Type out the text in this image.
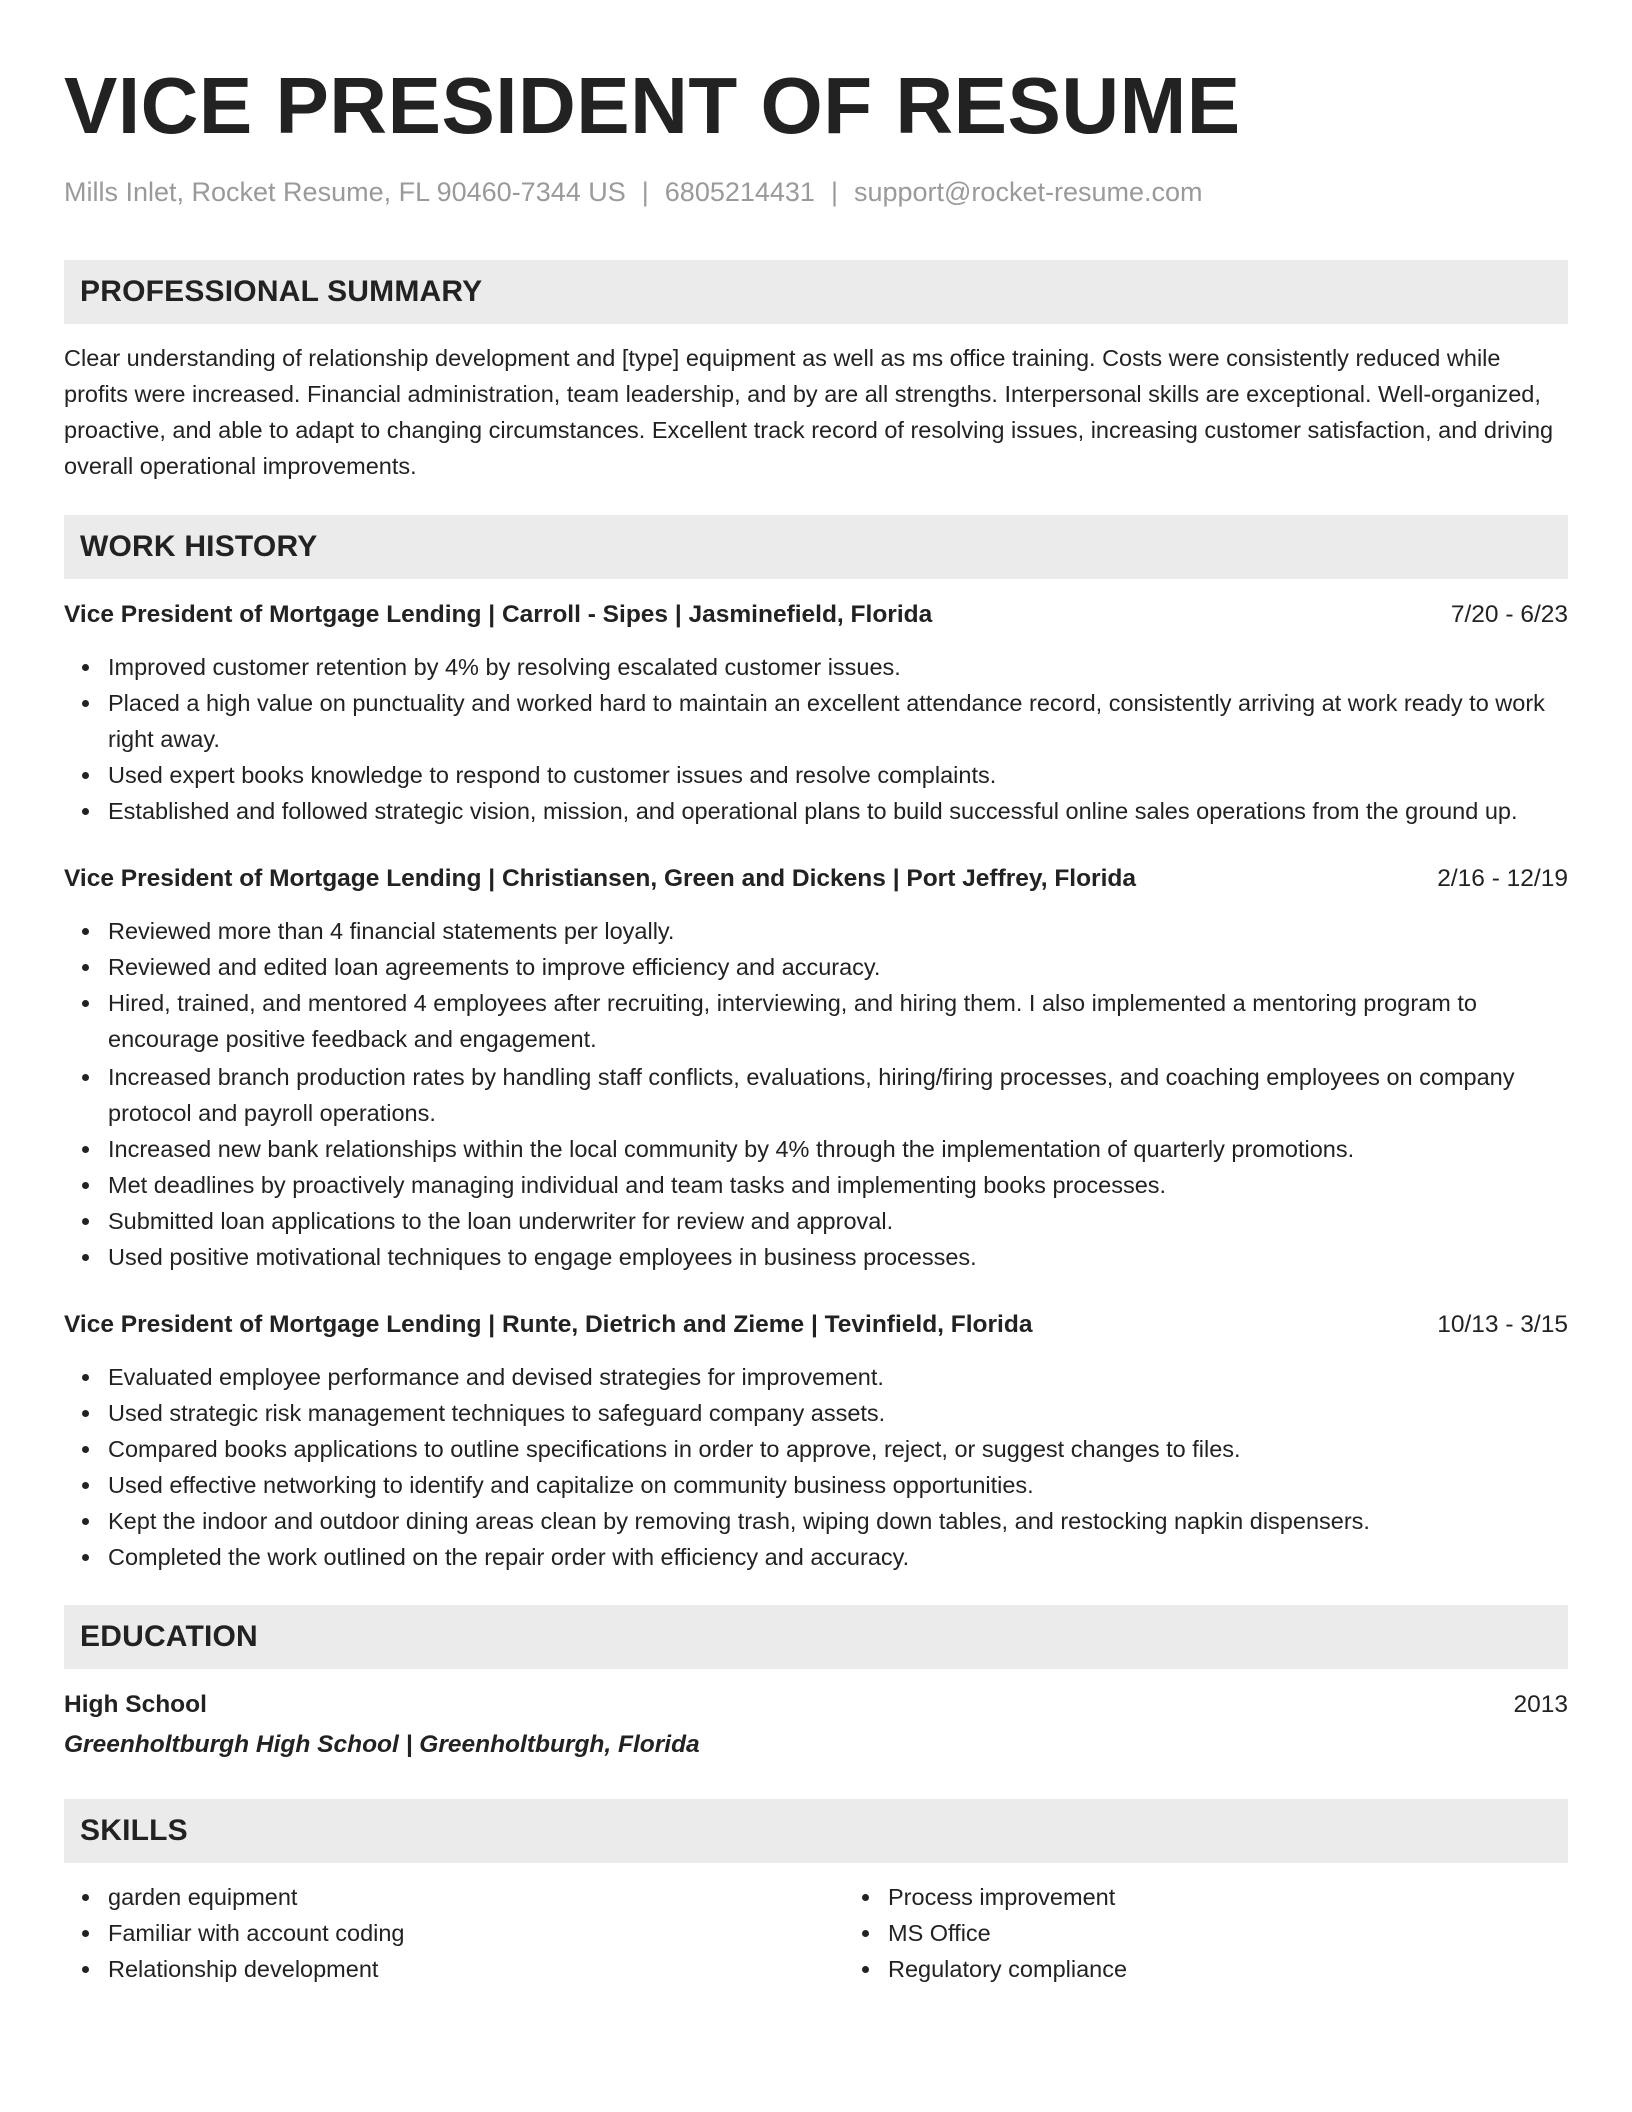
VICE PRESIDENT OF RESUME
Mills Inlet, Rocket Resume, FL 90460-7344 US | 6805214431 | support@rocket-resume.com
PROFESSIONAL SUMMARY
Clear understanding of relationship development and [type] equipment as well as ms office training. Costs were consistently reduced while profits were increased. Financial administration, team leadership, and by are all strengths. Interpersonal skills are exceptional. Well-organized, proactive, and able to adapt to changing circumstances. Excellent track record of resolving issues, increasing customer satisfaction, and driving overall operational improvements.
WORK HISTORY
Vice President of Mortgage Lending | Carroll - Sipes | Jasminefield, Florida	7/20 - 6/23
Improved customer retention by 4% by resolving escalated customer issues.
Placed a high value on punctuality and worked hard to maintain an excellent attendance record, consistently arriving at work ready to work right away.
Used expert books knowledge to respond to customer issues and resolve complaints.
Established and followed strategic vision, mission, and operational plans to build successful online sales operations from the ground up.
Vice President of Mortgage Lending | Christiansen, Green and Dickens | Port Jeffrey, Florida	2/16 - 12/19
Reviewed more than 4 financial statements per loyally.
Reviewed and edited loan agreements to improve efficiency and accuracy.
Hired, trained, and mentored 4 employees after recruiting, interviewing, and hiring them. I also implemented a mentoring program to encourage positive feedback and engagement.
Increased branch production rates by handling staff conflicts, evaluations, hiring/firing processes, and coaching employees on company protocol and payroll operations.
Increased new bank relationships within the local community by 4% through the implementation of quarterly promotions.
Met deadlines by proactively managing individual and team tasks and implementing books processes.
Submitted loan applications to the loan underwriter for review and approval.
Used positive motivational techniques to engage employees in business processes.
Vice President of Mortgage Lending | Runte, Dietrich and Zieme | Tevinfield, Florida	10/13 - 3/15
Evaluated employee performance and devised strategies for improvement.
Used strategic risk management techniques to safeguard company assets.
Compared books applications to outline specifications in order to approve, reject, or suggest changes to files.
Used effective networking to identify and capitalize on community business opportunities.
Kept the indoor and outdoor dining areas clean by removing trash, wiping down tables, and restocking napkin dispensers.
Completed the work outlined on the repair order with efficiency and accuracy.
EDUCATION
High School	2013
Greenholtburgh High School | Greenholtburgh, Florida
SKILLS
garden equipment
Familiar with account coding
Relationship development
Process improvement
MS Office
Regulatory compliance
